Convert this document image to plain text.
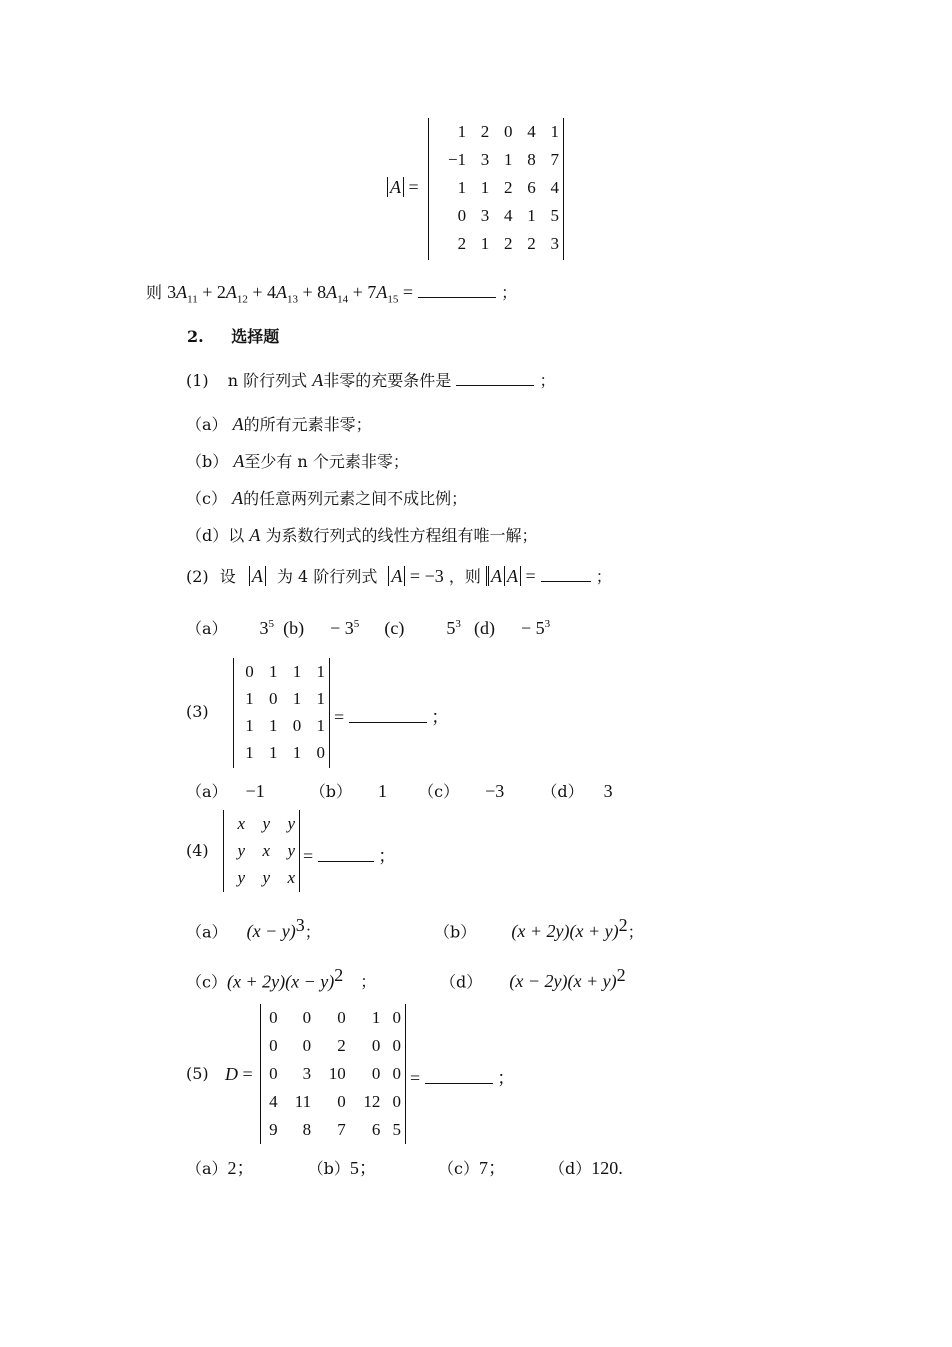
A =
1	2	0	4	1
−1	3	1	8	7
1	1	2	6	4
0	3	4	1	5
2	1	2	2	3
则 $3A_{11} + 2A_{12} + 4A_{13} + 8A_{14} + 7A_{15}$ =	；
2. 选择题
(1) n 阶行列式 A非零的充要条件是	；
（a） A的所有元素非零；
（b） A至少有 n 个元素非零；
（c） A的任意两列元素之间不成比例；
（d）以 A 为系数行列式的线性方程组有唯一解；
(2) 设 A 为 4 阶行列式 A = −3 ，则 A A =	；
（a） $3^5$ $(b) - 3^5$ (c) $5^3$ $(d) - 5^3$
(3)
0	1	1	1
1	0	1	1
1	1	0	1
1	1	1	0
=	；
（a） −1	（b） 1 （c） −3 （d） 3
(4)
x	y	y
y	x	y
y	y	x
=	；
（a） $(x - y)^3$；	（b） $(x + 2y)(x + y)^2$；
$(c)(x + 2y)(x - y)^2$ ；	（d） $(x - 2y)(x + y)^2$
(5) D =
0	0	0	1	0
0	0	2	0	0
0	3	10	0	0
4	11	0	12	0
9	8	7	6	5
=	；
（a）2；	（b）5；	（c）7；	（d）120.
